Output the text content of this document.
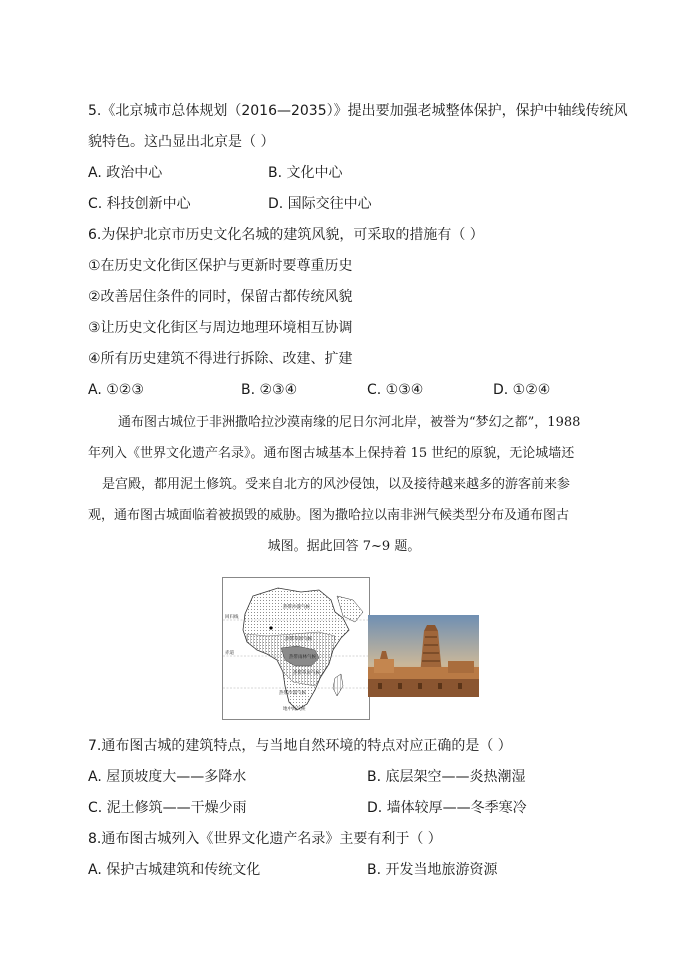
5.《北京城市总体规划（2016—2035）》提出要加强老城整体保护，保护中轴线传统风
貌特色。这凸显出北京是（ ）
A. 政治中心	B. 文化中心
C. 科技创新中心	D. 国际交往中心
6.为保护北京市历史文化名城的建筑风貌，可采取的措施有（ ）
①在历史文化街区保护与更新时要尊重历史
②改善居住条件的同时，保留古都传统风貌
③让历史文化街区与周边地理环境相互协调
④所有历史建筑不得进行拆除、改建、扩建
A. ①②③	B. ②③④	C. ①③④	D. ①②④
通布图古城位于非洲撒哈拉沙漠南缘的尼日尔河北岸，被誉为“梦幻之都”，1988
年列入《世界文化遗产名录》。通布图古城基本上保持着 15 世纪的原貌，无论城墙还
是宫殿，都用泥土修筑。受来自北方的风沙侵蚀，以及接待越来越多的游客前来参
观，通布图古城面临着被损毁的威胁。图为撒哈拉以南非洲气候类型分布及通布图古
城图。据此回答 7~9 题。
热带沙漠气候
热带草原气候
热带雨林气候
热带草原气候
热带沙漠气候
地中海气候
回归线
赤道
7.通布图古城的建筑特点，与当地自然环境的特点对应正确的是（ ）
A. 屋顶坡度大——多降水	B. 底层架空——炎热潮湿
C. 泥土修筑——干燥少雨	D. 墙体较厚——冬季寒冷
8.通布图古城列入《世界文化遗产名录》主要有利于（ ）
A. 保护古城建筑和传统文化	B. 开发当地旅游资源
